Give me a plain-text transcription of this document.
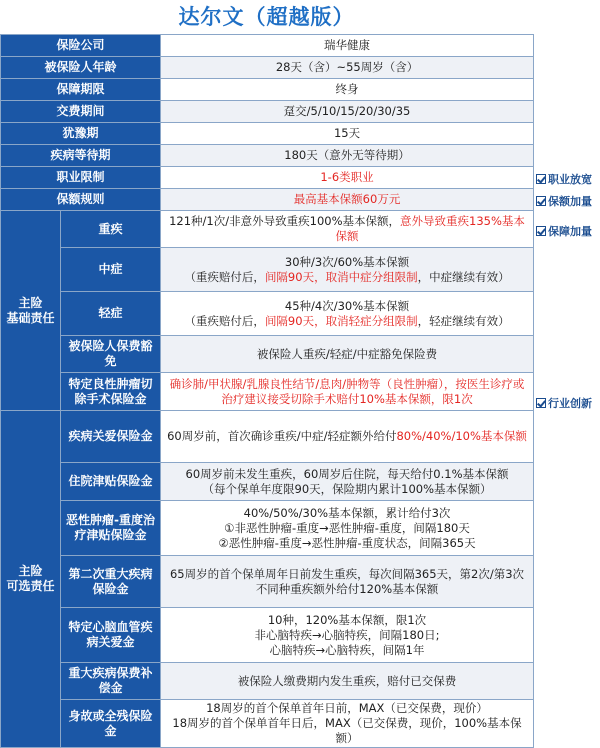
达尔文（超越版）
保险公司		瑞华健康
被保险人年龄		28天（含）~55周岁（含）
保障期限		终身
交费期间		趸交/5/10/15/20/30/35
犹豫期		15天
疾病等待期		180天（意外无等待期）
职业限制		1-6类职业
保额规则		最高基本保额60万元
主险
基础责任	重疾	121种/1次/非意外导致重疾100%基本保额，意外导致重疾135%基本保额
	中症	30种/3次/60%基本保额
（重疾赔付后，间隔90天，取消中症分组限制，中症继续有效）

	轻症	45种/4次/30%基本保额
（重疾赔付后，间隔90天，取消轻症分组限制，轻症继续有效）

	被保险人保费豁免	被保险人重疾/轻症/中症豁免保险费
	特定良性肿瘤切除手术保险金	确诊肺/甲状腺/乳腺良性结节/息肉/肿物等（良性肿瘤），按医生诊疗或治疗建议接受切除手术赔付10%基本保额，限1次
主险
可选责任	疾病关爱保险金	60周岁前，首次确诊重疾/中症/轻症额外给付80%/40%/10%基本保额
	住院津贴保险金	60周岁前未发生重疾，60周岁后住院，每天给付0.1%基本保额
（每个保单年度限90天，保险期内累计100%基本保额）

	恶性肿瘤-重度治疗津贴保险金	40%/50%/30%基本保额，累计给付3次
①非恶性肿瘤-重度→恶性肿瘤-重度，间隔180天
②恶性肿瘤-重度→恶性肿瘤-重度状态，间隔365天

	第二次重大疾病保险金	65周岁的首个保单周年日前发生重疾，每次间隔365天，第2次/第3次
不同种重疾额外给付120%基本保额

	特定心脑血管疾病关爱金	10种，120%基本保额，限1次
非心脑特疾→心脑特疾，间隔180日;
心脑特疾→心脑特疾，间隔1年

	重大疾病保费补偿金	被保险人缴费期内发生重疾，赔付已交保费
	身故或全残保险金	18周岁的首个保单首年日前，MAX（已交保费，现价）
18周岁的首个保单首年日后，MAX（已交保费，现价，100%基本保额）
职业放宽
保额加量
保障加量
行业创新
